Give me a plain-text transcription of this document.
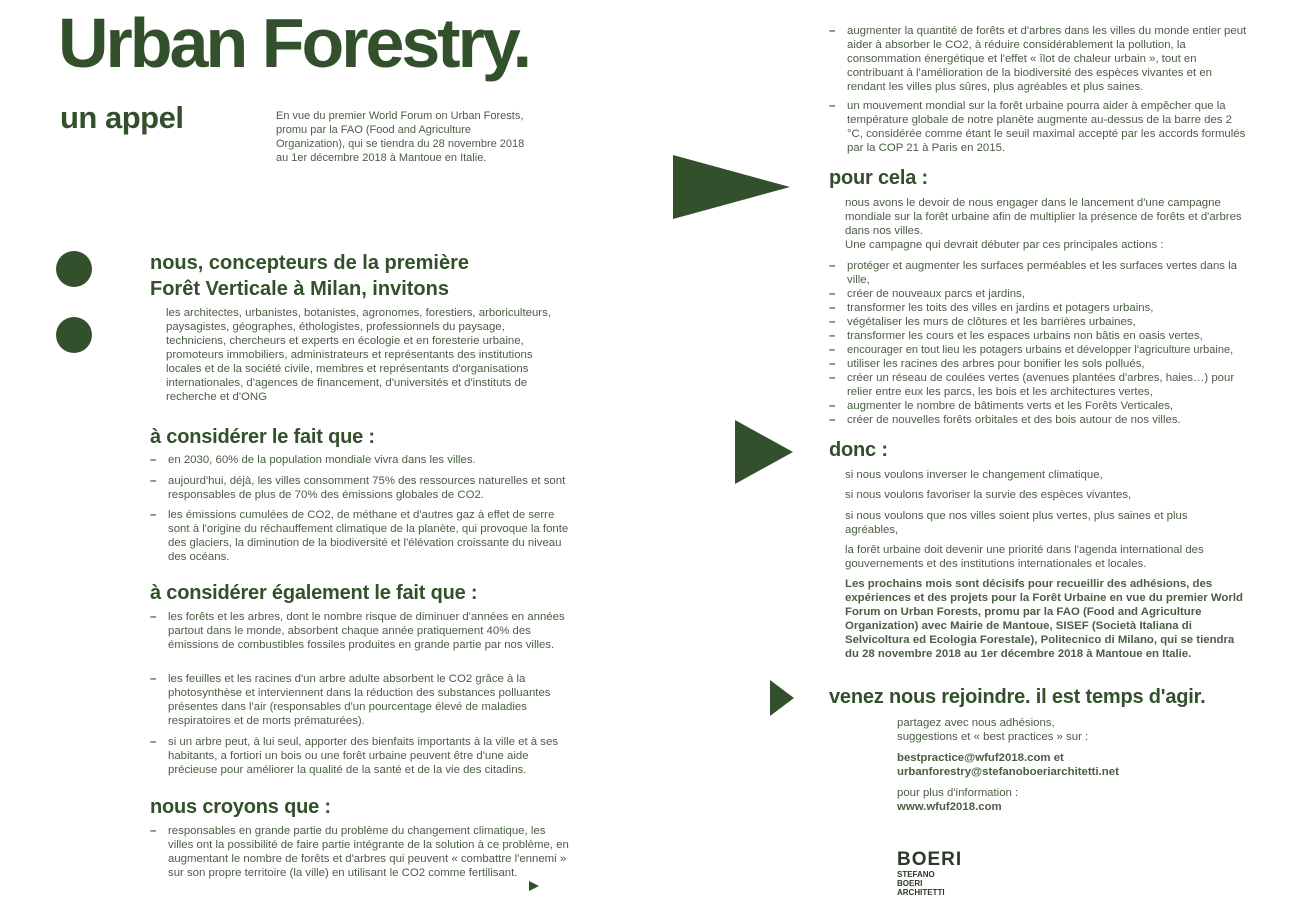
Urban Forestry.
un appel	En vue du premier World Forum on Urban Forests, promu par la FAO (Food and Agriculture Organization), qui se tiendra du 28 novembre 2018 au 1er décembre 2018 à Mantoue en Italie.
nous, concepteurs de la première
Forêt Verticale à Milan, invitons
les architectes, urbanistes, botanistes, agronomes, forestiers, arboriculteurs, paysagistes, géographes, éthologistes, professionnels du paysage, techniciens, chercheurs et experts en écologie et en foresterie urbaine, promoteurs immobiliers, administrateurs et représentants des institutions locales et de la société civile, membres et représentants d'organisations internationales, d'agences de financement, d'universités et d'instituts de recherche et d'ONG
à considérer le fait que :
– en 2030, 60% de la population mondiale vivra dans les villes.
– aujourd'hui, déjà, les villes consomment 75% des ressources naturelles et sont responsables de plus de 70% des émissions globales de CO2.
– les émissions cumulées de CO2, de méthane et d'autres gaz à effet de serre sont à l'origine du réchauffement climatique de la planète, qui provoque la fonte des glaciers, la diminution de la biodiversité et l'élévation croissante du niveau des océans.
à considérer également le fait que :
– les forêts et les arbres, dont le nombre risque de diminuer d'années en années partout dans le monde, absorbent chaque année pratiquement 40% des émissions de combustibles fossiles produites en grande partie par nos villes.
– les feuilles et les racines d'un arbre adulte absorbent le CO2 grâce à la photosynthèse et interviennent dans la réduction des substances polluantes présentes dans l'air (responsables d'un pourcentage élevé de maladies respiratoires et de morts prématurées).
– si un arbre peut, à lui seul, apporter des bienfaits importants à la ville et à ses habitants, a fortiori un bois ou une forêt urbaine peuvent être d'une aide précieuse pour améliorer la qualité de la santé et de la vie des citadins.
nous croyons que :
– responsables en grande partie du problème du changement climatique, les villes ont la possibilité de faire partie intégrante de la solution à ce problème, en augmentant le nombre de forêts et d'arbres qui peuvent « combattre l'ennemi » sur son propre territoire (la ville) en utilisant le CO2 comme fertilisant.
– augmenter la quantité de forêts et d'arbres dans les villes du monde entier peut aider à absorber le CO2, à réduire considérablement la pollution, la consommation énergétique et l'effet « îlot de chaleur urbain », tout en contribuant à l'amélioration de la biodiversité des espèces vivantes et en rendant les villes plus sûres, plus agréables et plus saines.
– un mouvement mondial sur la forêt urbaine pourra aider à empêcher que la température globale de notre planète augmente au-dessus de la barre des 2 °C, considérée comme étant le seuil maximal accepté par les accords formulés par la COP 21 à Paris en 2015.
pour cela :
nous avons le devoir de nous engager dans le lancement d'une campagne mondiale sur la forêt urbaine afin de multiplier la présence de forêts et d'arbres dans nos villes.
Une campagne qui devrait débuter par ces principales actions :
– protéger et augmenter les surfaces perméables et les surfaces vertes dans la ville,
– créer de nouveaux parcs et jardins,
– transformer les toits des villes en jardins et potagers urbains,
– végétaliser les murs de clôtures et les barrières urbaines,
– transformer les cours et les espaces urbains non bâtis en oasis vertes,
– encourager en tout lieu les potagers urbains et développer l'agriculture urbaine,
– utiliser les racines des arbres pour bonifier les sols pollués,
– créer un réseau de coulées vertes (avenues plantées d'arbres, haies…) pour relier entre eux les parcs, les bois et les architectures vertes,
– augmenter le nombre de bâtiments verts et les Forêts Verticales,
– créer de nouvelles forêts orbitales et des bois autour de nos villes.
donc :
si nous voulons inverser le changement climatique,
si nous voulons favoriser la survie des espèces vivantes,
si nous voulons que nos villes soient plus vertes, plus saines et plus agréables,
la forêt urbaine doit devenir une priorité dans l'agenda international des gouvernements et des institutions internationales et locales.
Les prochains mois sont décisifs pour recueillir des adhésions, des expériences et des projets pour la Forêt Urbaine en vue du premier World Forum on Urban Forests, promu par la FAO (Food and Agriculture Organization) avec Mairie de Mantoue, SISEF (Società Italiana di Selvicoltura ed Ecologia Forestale), Politecnico di Milano, qui se tiendra du 28 novembre 2018 au 1er décembre 2018 à Mantoue en Italie.
venez nous rejoindre. il est temps d'agir.
partagez avec nous adhésions,
suggestions et « best practices » sur :
bestpractice@wfuf2018.com et
urbanforestry@stefanoboeriarchitetti.net
pour plus d'information :
www.wfuf2018.com
BOERI
STEFANO
BOERI
ARCHITETTI
